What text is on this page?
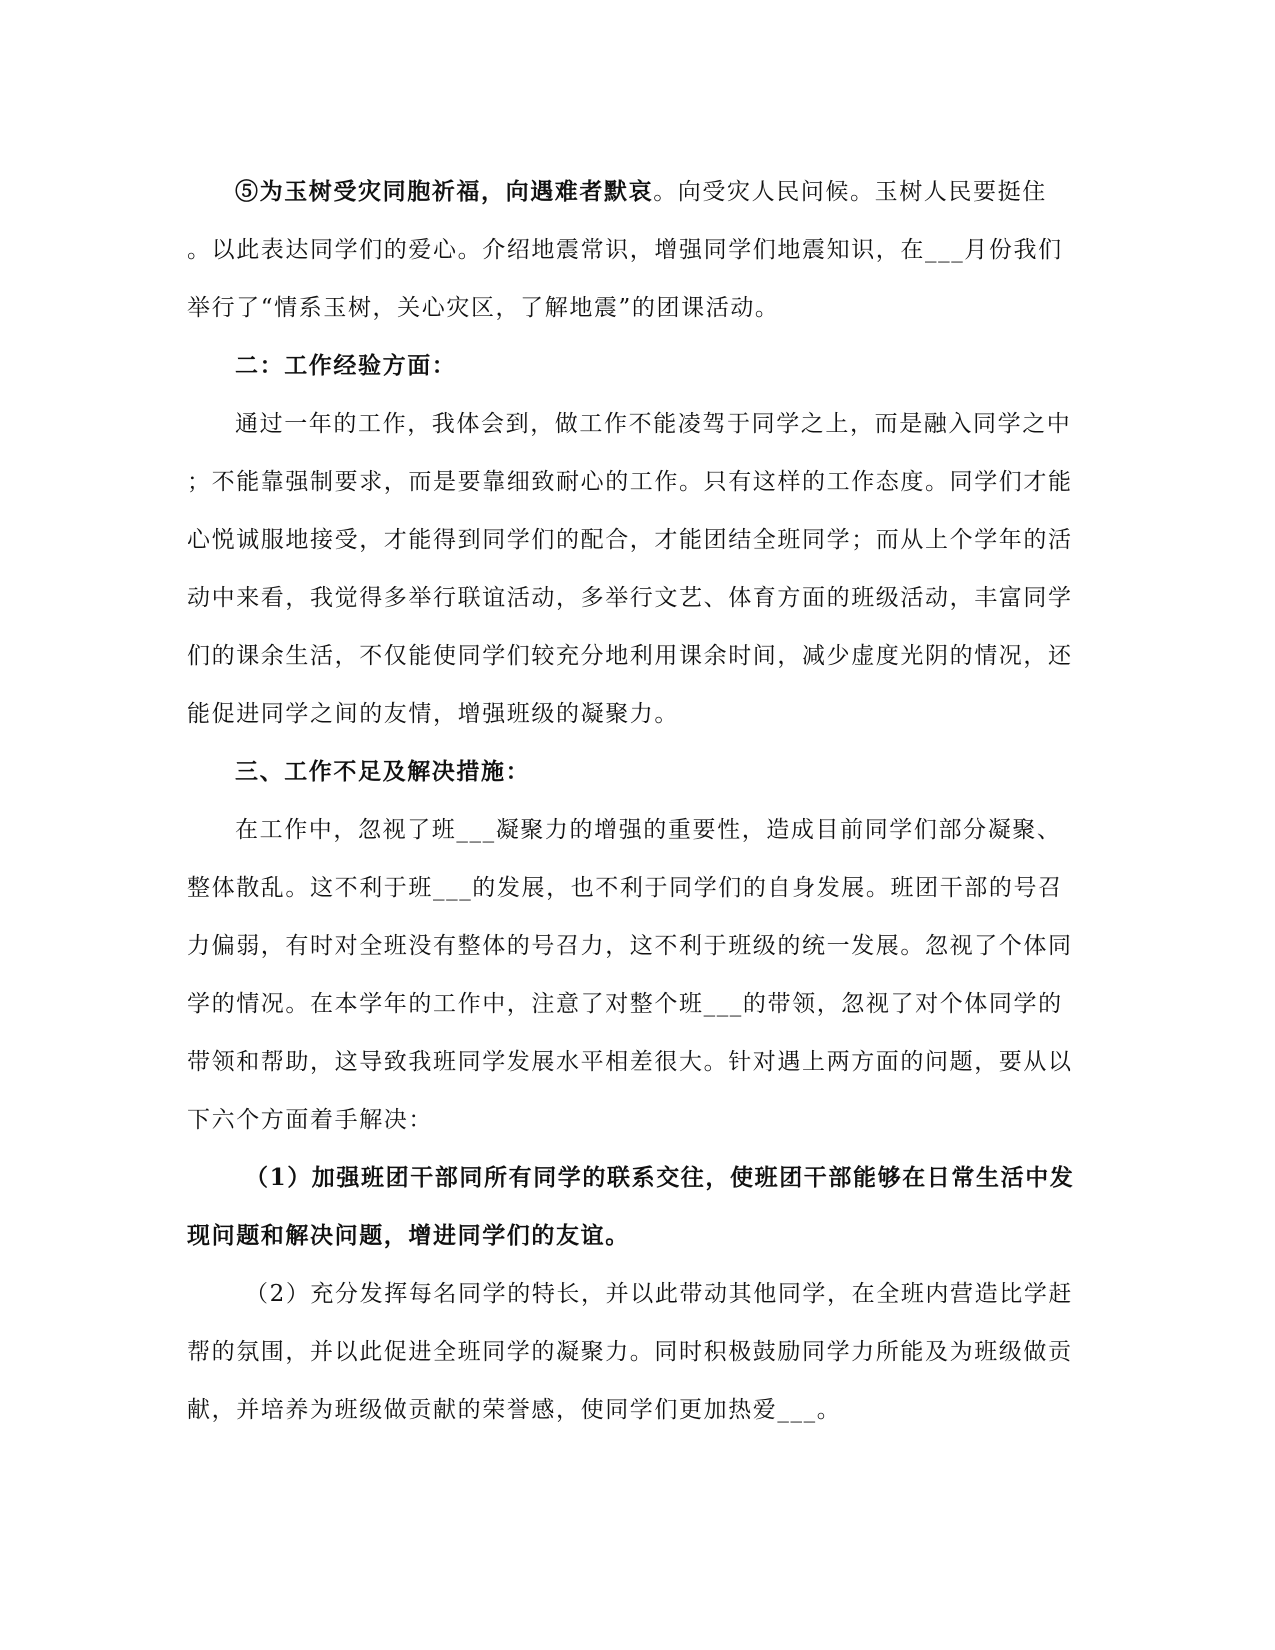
⑤为玉树受灾同胞祈福，向遇难者默哀。向受灾人民问候。玉树人民要挺住
。以此表达同学们的爱心。介绍地震常识，增强同学们地震知识，在___月份我们
举行了“情系玉树，关心灾区，了解地震”的团课活动。
二：工作经验方面：
通过一年的工作，我体会到，做工作不能凌驾于同学之上，而是融入同学之中
；不能靠强制要求，而是要靠细致耐心的工作。只有这样的工作态度。同学们才能
心悦诚服地接受，才能得到同学们的配合，才能团结全班同学；而从上个学年的活
动中来看，我觉得多举行联谊活动，多举行文艺、体育方面的班级活动，丰富同学
们的课余生活，不仅能使同学们较充分地利用课余时间，减少虚度光阴的情况，还
能促进同学之间的友情，增强班级的凝聚力。
三、工作不足及解决措施：
在工作中，忽视了班___凝聚力的增强的重要性，造成目前同学们部分凝聚、
整体散乱。这不利于班___的发展，也不利于同学们的自身发展。班团干部的号召
力偏弱，有时对全班没有整体的号召力，这不利于班级的统一发展。忽视了个体同
学的情况。在本学年的工作中，注意了对整个班___的带领，忽视了对个体同学的
带领和帮助，这导致我班同学发展水平相差很大。针对遇上两方面的问题，要从以
下六个方面着手解决：
（1）加强班团干部同所有同学的联系交往，使班团干部能够在日常生活中发
现问题和解决问题，增进同学们的友谊。
（2）充分发挥每名同学的特长，并以此带动其他同学，在全班内营造比学赶
帮的氛围，并以此促进全班同学的凝聚力。同时积极鼓励同学力所能及为班级做贡
献，并培养为班级做贡献的荣誉感，使同学们更加热爱___。
